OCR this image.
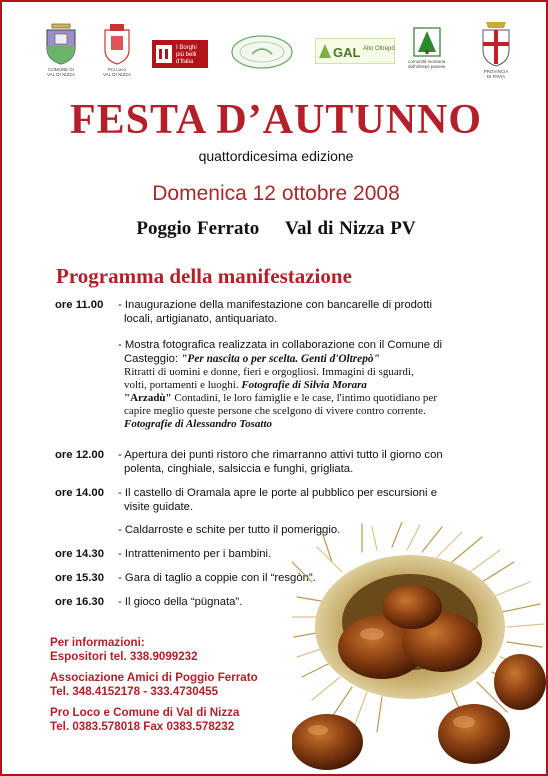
COMUNE DI
VAL DI NIZZA
Pro Loco
VAL DI NIZZA
I Borghi
più belli
d'Italia
GAL Alto Oltrepò
comunità montana
dell'oltrepò pavese
PROVINCIA
DI PAVIA
FESTA D’AUTUNNO
quattordicesima edizione
Domenica 12 ottobre 2008
Poggio Ferrato Val di Nizza PV
Programma della manifestazione
ore 11.00	- Inaugurazione della manifestazione con bancarelle di prodotti
locali, artigianato, antiquariato.
- Mostra fotografica realizzata in collaborazione con il Comune di
Casteggio: "Per nascita o per scelta. Genti d'Oltrepò"
Ritratti di uomini e donne, fieri e orgogliosi. Immagini di sguardi,
volti, portamenti e luoghi. Fotografie di Silvia Morara
"Arzadù" Contadini, le loro famiglie e le case, l'intimo quotidiano per
capire meglio queste persone che scelgono di vivere contro corrente.
Fotografie di Alessandro Tosatto
ore 12.00	- Apertura dei punti ristoro che rimarranno attivi tutto il giorno con
polenta, cinghiale, salsiccia e funghi, grigliata.
ore 14.00	- Il castello di Oramala apre le porte al pubblico per escursioni e
visite guidate.
- Caldarroste e schite per tutto il pomeriggio.
ore 14.30	- Intrattenimento per i bambini.
ore 15.30	- Gara di taglio a coppie con il “resgòn”.
ore 16.30	- Il gioco della “pügnata”.
Per informazioni:
Espositori tel. 338.9099232
Associazione Amici di Poggio Ferrato
Tel. 348.4152178 - 333.4730455
Pro Loco e Comune di Val di Nizza
Tel. 0383.578018 Fax 0383.578232
